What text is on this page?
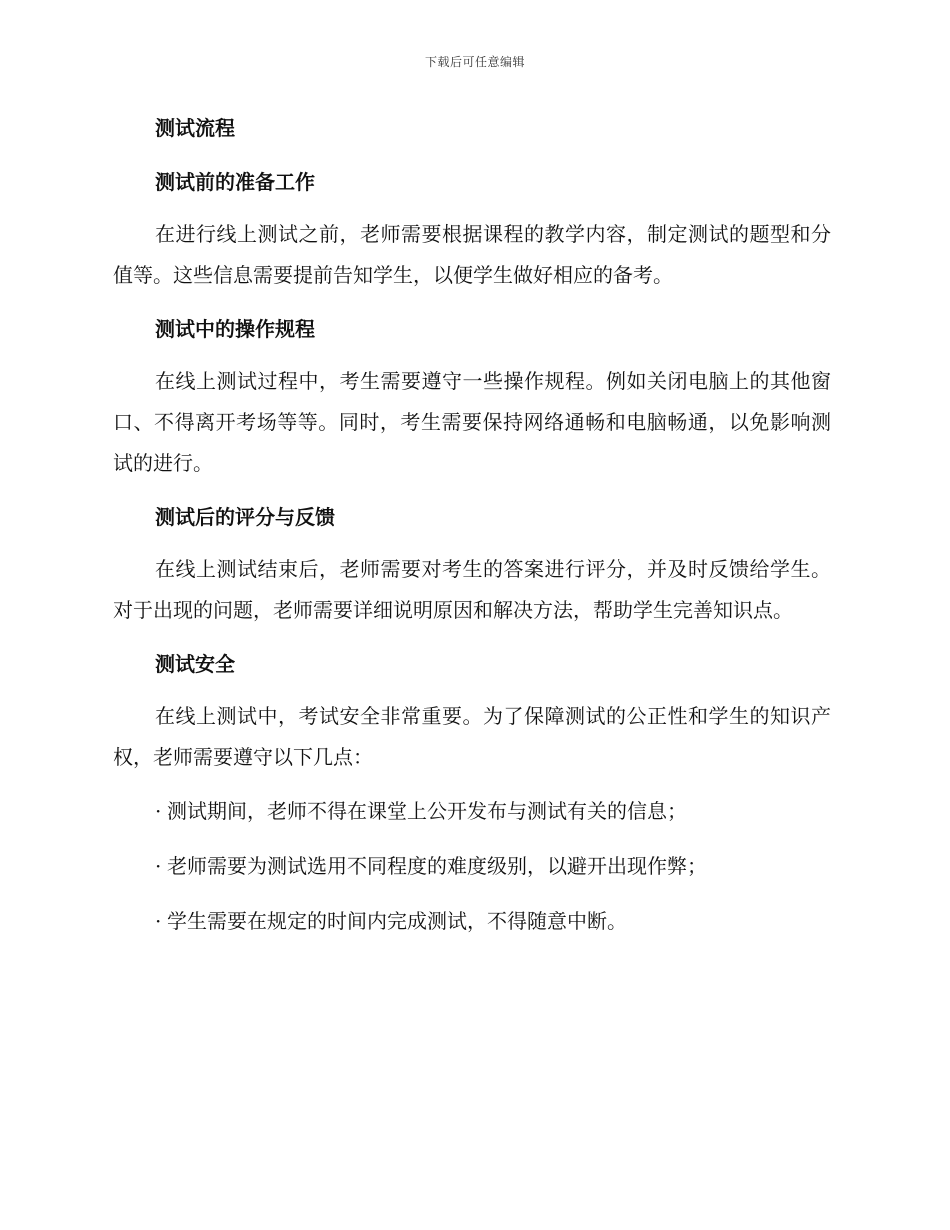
下载后可任意编辑
测试流程
测试前的准备工作
在进行线上测试之前，老师需要根据课程的教学内容，制定测试的题型和分值等。这些信息需要提前告知学生，以便学生做好相应的备考。
测试中的操作规程
在线上测试过程中，考生需要遵守一些操作规程。例如关闭电脑上的其他窗口、不得离开考场等等。同时，考生需要保持网络通畅和电脑畅通，以免影响测试的进行。
测试后的评分与反馈
在线上测试结束后，老师需要对考生的答案进行评分，并及时反馈给学生。对于出现的问题，老师需要详细说明原因和解决方法，帮助学生完善知识点。
测试安全
在线上测试中，考试安全非常重要。为了保障测试的公正性和学生的知识产权，老师需要遵守以下几点：
· 测试期间，老师不得在课堂上公开发布与测试有关的信息；
· 老师需要为测试选用不同程度的难度级别，以避开出现作弊；
· 学生需要在规定的时间内完成测试，不得随意中断。
